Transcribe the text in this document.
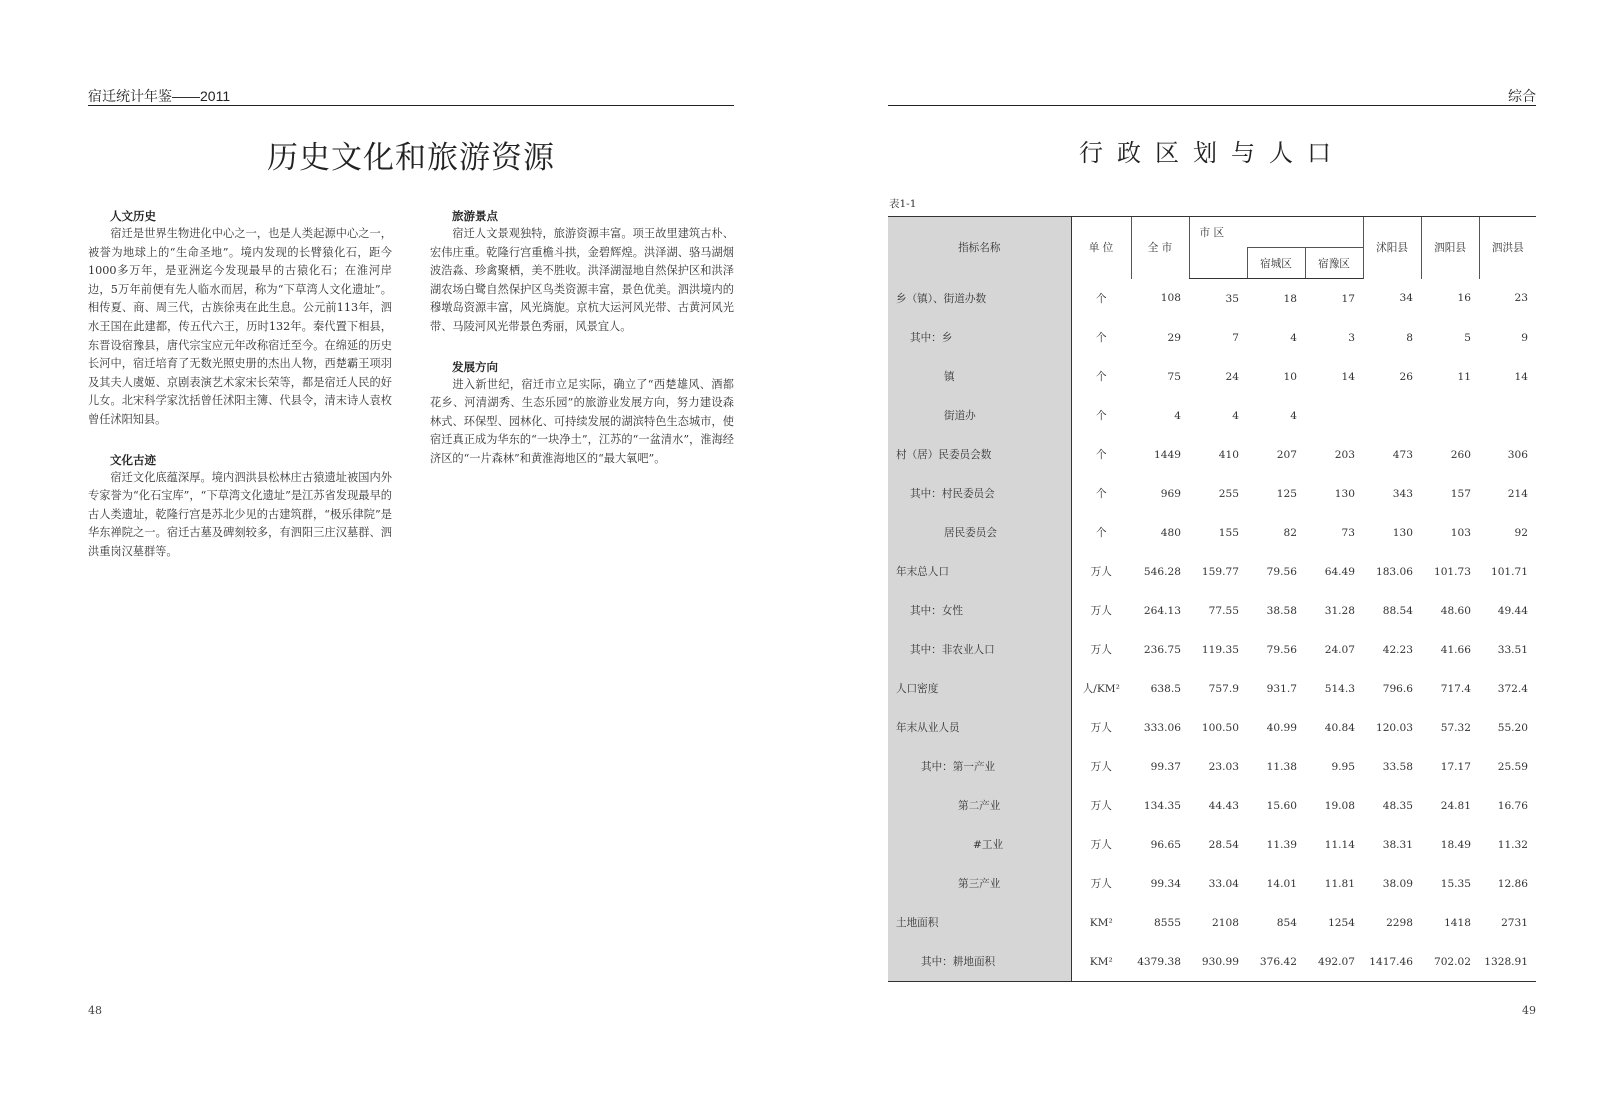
宿迁统计年鉴——2011
历史文化和旅游资源
人文历史
宿迁是世界生物进化中心之一，也是人类起源中心之一，被誉为地球上的“生命圣地”。境内发现的长臂猿化石，距今1000多万年，是亚洲迄今发现最早的古猿化石；在淮河岸边，5万年前便有先人临水而居，称为“下草湾人文化遗址”。相传夏、商、周三代，古族徐夷在此生息。公元前113年，泗水王国在此建都，传五代六王，历时132年。秦代置下相县，东晋设宿豫县，唐代宗宝应元年改称宿迁至今。在绵延的历史长河中，宿迁培育了无数光照史册的杰出人物，西楚霸王项羽及其夫人虞姬、京剧表演艺术家宋长荣等，都是宿迁人民的好儿女。北宋科学家沈括曾任沭阳主簿、代县令，清末诗人袁枚曾任沭阳知县。
文化古迹
宿迁文化底蕴深厚。境内泗洪县松林庄古猿遗址被国内外专家誉为“化石宝库”，“下草湾文化遗址”是江苏省发现最早的古人类遗址，乾隆行宫是苏北少见的古建筑群，“极乐律院”是华东禅院之一。宿迁古墓及碑刻较多，有泗阳三庄汉墓群、泗洪重岗汉墓群等。
旅游景点
宿迁人文景观独特，旅游资源丰富。项王故里建筑古朴、宏伟庄重。乾隆行宫重檐斗拱，金碧辉煌。洪泽湖、骆马湖烟波浩淼、珍禽聚栖，美不胜收。洪泽湖湿地自然保护区和洪泽湖农场白鹭自然保护区鸟类资源丰富，景色优美。泗洪境内的穆墩岛资源丰富，风光旖旎。京杭大运河风光带、古黄河风光带、马陵河风光带景色秀丽，风景宜人。
发展方向
进入新世纪，宿迁市立足实际，确立了“西楚雄风、酒都花乡、河清湖秀、生态乐园”的旅游业发展方向，努力建设森林式、环保型、园林化、可持续发展的湖滨特色生态城市，使宿迁真正成为华东的“一块净土”，江苏的“一盆清水”，淮海经济区的“一片森林”和黄淮海地区的“最大氧吧”。
48
综合
行政区划与人口
表1-1
指标名称	单 位	全 市	市 区			沭阳县	泗阳县	泗洪县
				宿城区	宿豫区			
乡（镇）、街道办数	个	108	35	18	17	34	16	23
其中：乡	个	29	7	4	3	8	5	9
镇	个	75	24	10	14	26	11	14
街道办	个	4	4	4				
村（居）民委员会数	个	1449	410	207	203	473	260	306
其中：村民委员会	个	969	255	125	130	343	157	214
居民委员会	个	480	155	82	73	130	103	92
年末总人口	万人	546.28	159.77	79.56	64.49	183.06	101.73	101.71
其中：女性	万人	264.13	77.55	38.58	31.28	88.54	48.60	49.44
其中：非农业人口	万人	236.75	119.35	79.56	24.07	42.23	41.66	33.51
人口密度	人/KM²	638.5	757.9	931.7	514.3	796.6	717.4	372.4
年末从业人员	万人	333.06	100.50	40.99	40.84	120.03	57.32	55.20
其中：第一产业	万人	99.37	23.03	11.38	9.95	33.58	17.17	25.59
第二产业	万人	134.35	44.43	15.60	19.08	48.35	24.81	16.76
#工业	万人	96.65	28.54	11.39	11.14	38.31	18.49	11.32
第三产业	万人	99.34	33.04	14.01	11.81	38.09	15.35	12.86
土地面积	KM²	8555	2108	854	1254	2298	1418	2731
其中：耕地面积	KM²	4379.38	930.99	376.42	492.07	1417.46	702.02	1328.91
49
